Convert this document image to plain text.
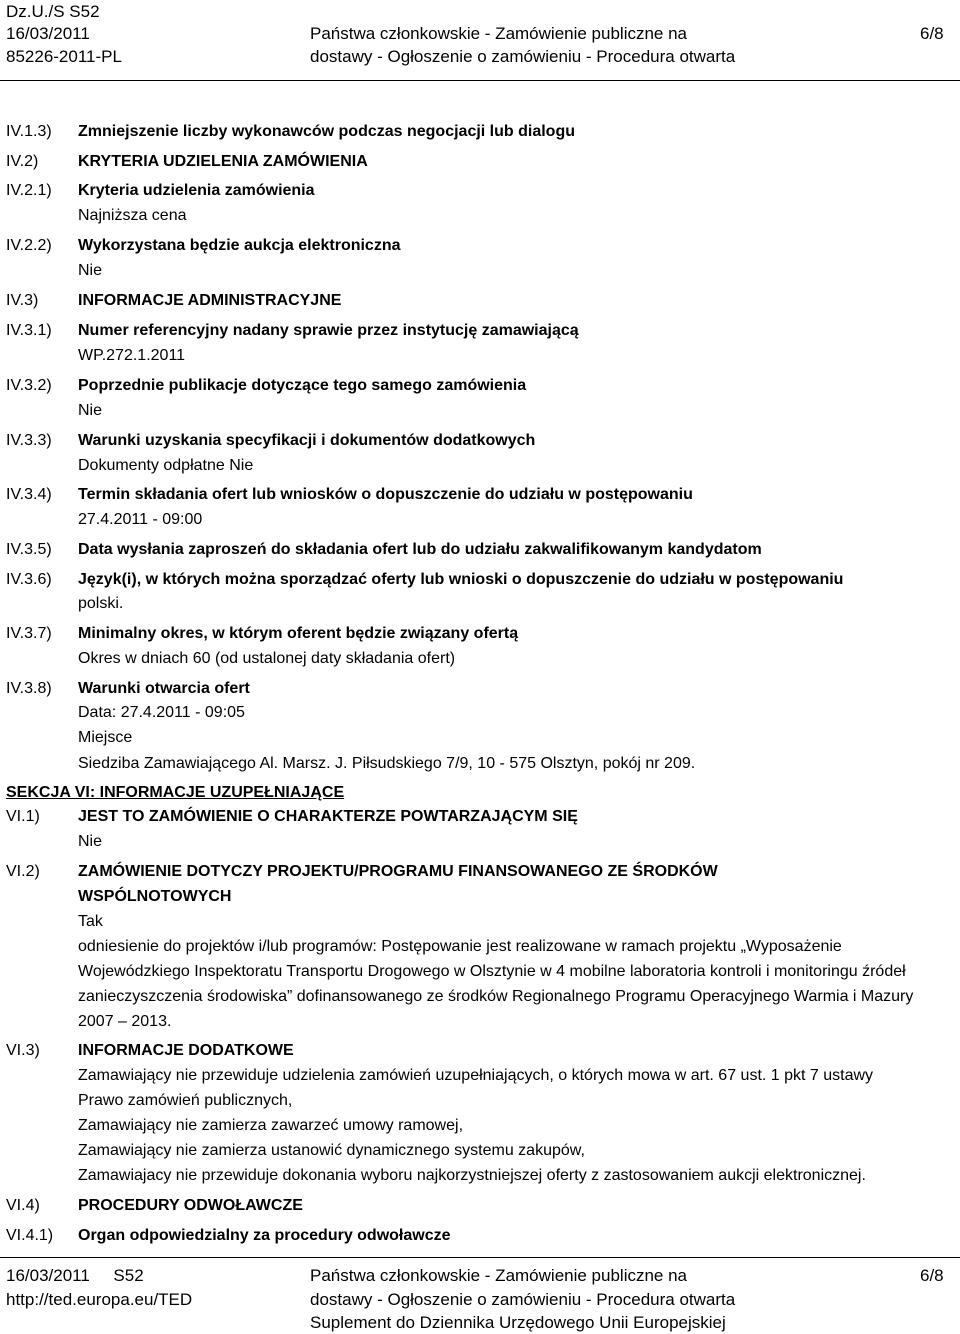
Dz.U./S S52
16/03/2011
85226-2011-PL
Państwa członkowskie - Zamówienie publiczne na
dostawy - Ogłoszenie o zamówieniu - Procedura otwarta
6/8
IV.1.3) Zmniejszenie liczby wykonawców podczas negocjacji lub dialogu
IV.2) KRYTERIA UDZIELENIA ZAMÓWIENIA
IV.2.1) Kryteria udzielenia zamówienia
Najniższa cena
IV.2.2) Wykorzystana będzie aukcja elektroniczna
Nie
IV.3) INFORMACJE ADMINISTRACYJNE
IV.3.1) Numer referencyjny nadany sprawie przez instytucję zamawiającą
WP.272.1.2011
IV.3.2) Poprzednie publikacje dotyczące tego samego zamówienia
Nie
IV.3.3) Warunki uzyskania specyfikacji i dokumentów dodatkowych
Dokumenty odpłatne Nie
IV.3.4) Termin składania ofert lub wniosków o dopuszczenie do udziału w postępowaniu
27.4.2011 - 09:00
IV.3.5) Data wysłania zaproszeń do składania ofert lub do udziału zakwalifikowanym kandydatom
IV.3.6) Język(i), w których można sporządzać oferty lub wnioski o dopuszczenie do udziału w postępowaniu
polski.
IV.3.7) Minimalny okres, w którym oferent będzie związany ofertą
Okres w dniach 60 (od ustalonej daty składania ofert)
IV.3.8) Warunki otwarcia ofert
Data: 27.4.2011 - 09:05
Miejsce
Siedziba Zamawiającego Al. Marsz. J. Piłsudskiego 7/9, 10 - 575 Olsztyn, pokój nr 209.
SEKCJA VI: INFORMACJE UZUPEŁNIAJĄCE
VI.1) JEST TO ZAMÓWIENIE O CHARAKTERZE POWTARZAJĄCYM SIĘ
Nie
VI.2) ZAMÓWIENIE DOTYCZY PROJEKTU/PROGRAMU FINANSOWANEGO ZE ŚRODKÓW
WSPÓLNOTOWYCH
Tak
odniesienie do projektów i/lub programów: Postępowanie jest realizowane w ramach projektu „Wyposażenie Wojewódzkiego Inspektoratu Transportu Drogowego w Olsztynie w 4 mobilne laboratoria kontroli i monitoringu źródeł zanieczyszczenia środowiska” dofinansowanego ze środków Regionalnego Programu Operacyjnego Warmia i Mazury 2007 – 2013.
VI.3) INFORMACJE DODATKOWE
Zamawiający nie przewiduje udzielenia zamówień uzupełniających, o których mowa w art. 67 ust. 1 pkt 7 ustawy Prawo zamówień publicznych,
Zamawiający nie zamierza zawarzeć umowy ramowej,
Zamawiający nie zamierza ustanowić dynamicznego systemu zakupów,
Zamawiajacy nie przewiduje dokonania wyboru najkorzystniejszej oferty z zastosowaniem aukcji elektronicznej.
VI.4) PROCEDURY ODWOŁAWCZE
VI.4.1) Organ odpowiedzialny za procedury odwoławcze
16/03/2011     S52
http://ted.europa.eu/TED
Państwa członkowskie - Zamówienie publiczne na
dostawy - Ogłoszenie o zamówieniu - Procedura otwarta
Suplement do Dziennika Urzędowego Unii Europejskiej
6/8
